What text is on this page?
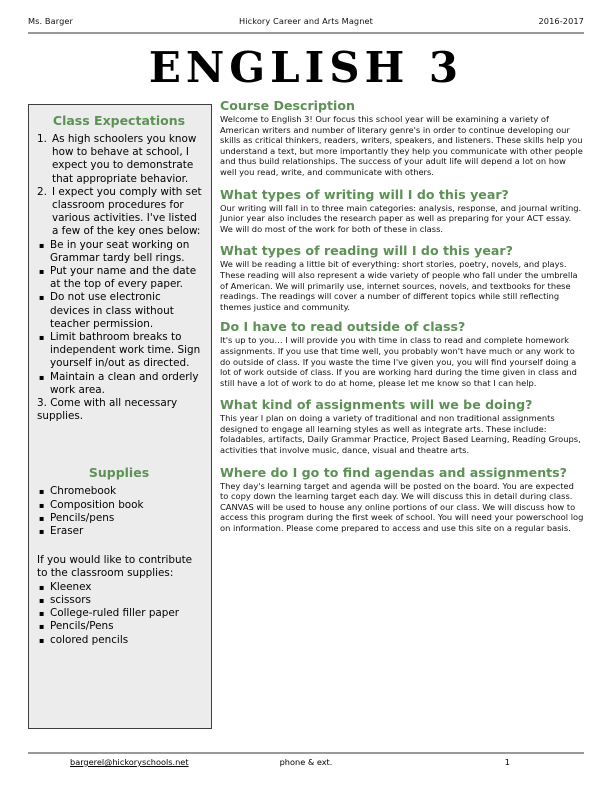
Ms. Barger	Hickory Career and Arts Magnet	2016-2017
ENGLISH 3
Class Expectations
1. As high schoolers you know how to behave at school, I expect you to demonstrate that appropriate behavior.
2. I expect you comply with set classroom procedures for various activities. I've listed a few of the key ones below:
▪ Be in your seat working on Grammar tardy bell rings.
▪ Put your name and the date at the top of every paper.
▪ Do not use electronic devices in class without teacher permission.
▪ Limit bathroom breaks to independent work time. Sign yourself in/out as directed.
▪ Maintain a clean and orderly work area.
3. Come with all necessary supplies.
Supplies
▪ Chromebook
▪ Composition book
▪ Pencils/pens
▪ Eraser
If you would like to contribute to the classroom supplies:
▪ Kleenex
▪ scissors
▪ College-ruled filler paper
▪ Pencils/Pens
▪ colored pencils
Course Description

Welcome to English 3! Our focus this school year will be examining a variety of American writers and number of literary genre's in order to continue developing our skills as critical thinkers, readers, writers, speakers, and listeners. These skills help you understand a text, but more importantly they help you communicate with other people and thus build relationships. The success of your adult life will depend a lot on how well you read, write, and communicate with others.

What types of writing will I do this year?

Our writing will fall in to three main categories: analysis, response, and journal writing. Junior year also includes the research paper as well as preparing for your ACT essay. We will do most of the work for both of these in class.

What types of reading will I do this year?

We will be reading a little bit of everything: short stories, poetry, novels, and plays. These reading will also represent a wide variety of people who fall under the umbrella of American. We will primarily use, internet sources, novels, and textbooks for these readings. The readings will cover a number of different topics while still reflecting themes justice and community.

Do I have to read outside of class?

It's up to you… I will provide you with time in class to read and complete homework assignments. If you use that time well, you probably won't have much or any work to do outside of class. If you waste the time I've given you, you will find yourself doing a lot of work outside of class. If you are working hard during the time given in class and still have a lot of work to do at home, please let me know so that I can help.

What kind of assignments will we be doing?

This year I plan on doing a variety of traditional and non traditional assignments designed to engage all learning styles as well as integrate arts. These include: foladables, artifacts, Daily Grammar Practice, Project Based Learning, Reading Groups, activities that involve music, dance, visual and theatre arts.

Where do I go to find agendas and assignments?

They day's learning target and agenda will be posted on the board. You are expected to copy down the learning target each day. We will discuss this in detail during class.

CANVAS will be used to house any online portions of our class. We will discuss how to access this program during the first week of school. You will need your powerschool log on information. Please come prepared to access and use this site on a regular basis.

bargerel@hickoryschools.net	phone & ext.	1
